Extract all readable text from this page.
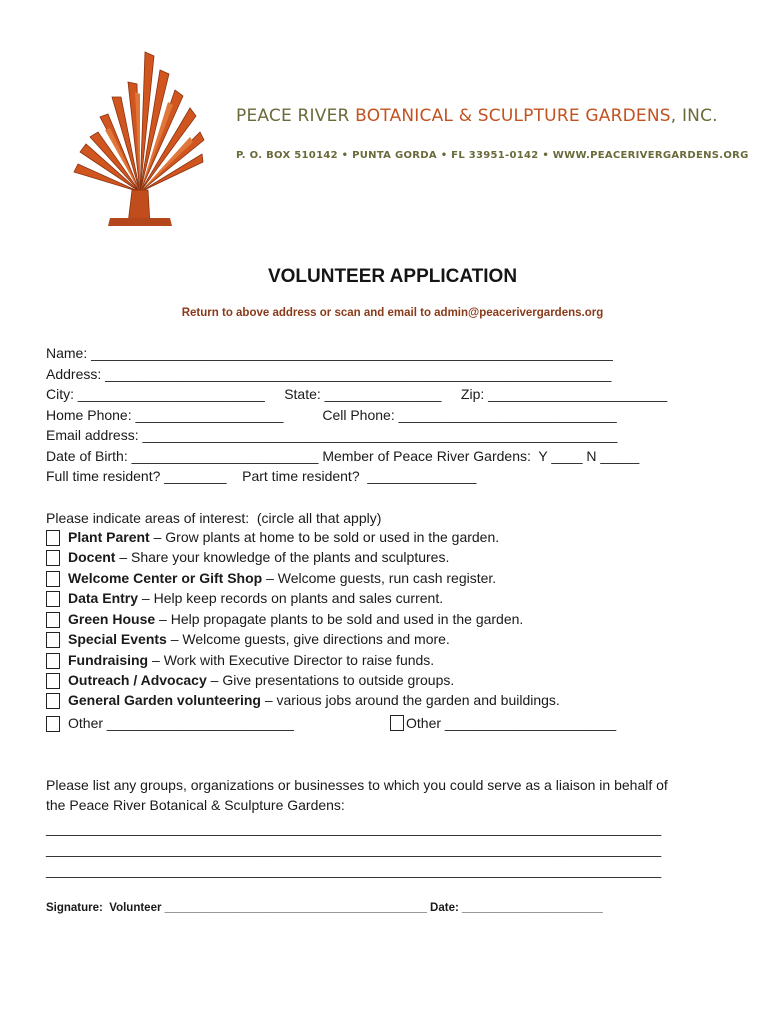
PEACE RIVER BOTANICAL & SCULPTURE GARDENS, INC.
P. O. BOX 510142 • PUNTA GORDA • FL 33951-0142 • WWW.PEACERIVERGARDENS.ORG
VOLUNTEER APPLICATION
Return to above address or scan and email to admin@peacerivergardens.org
Name: ___________________________________________________________________
Address: _________________________________________________________________
City: ________________________     State: _______________     Zip: _______________________
Home Phone: ___________________          Cell Phone: ____________________________
Email address: _____________________________________________________________
Date of Birth: ________________________ Member of Peace River Gardens:  Y ____ N _____
Full time resident? ________    Part time resident?  ______________
Please indicate areas of interest:  (circle all that apply)
Plant Parent – Grow plants at home to be sold or used in the garden.
Docent – Share your knowledge of the plants and sculptures.
Welcome Center or Gift Shop – Welcome guests, run cash register.
Data Entry – Help keep records on plants and sales current.
Green House – Help propagate plants to be sold and used in the garden.
Special Events – Welcome guests, give directions and more.
Fundraising – Work with Executive Director to raise funds.
Outreach / Advocacy – Give presentations to outside groups.
General Garden volunteering – various jobs around the garden and buildings.
Other ________________________	Other ______________________
Please list any groups, organizations or businesses to which you could serve as a liaison in behalf of
the Peace River Botanical & Sculpture Gardens:
_______________________________________________________________________________
_______________________________________________________________________________
_______________________________________________________________________________
Signature:  Volunteer _________________________________________ Date: ______________________
